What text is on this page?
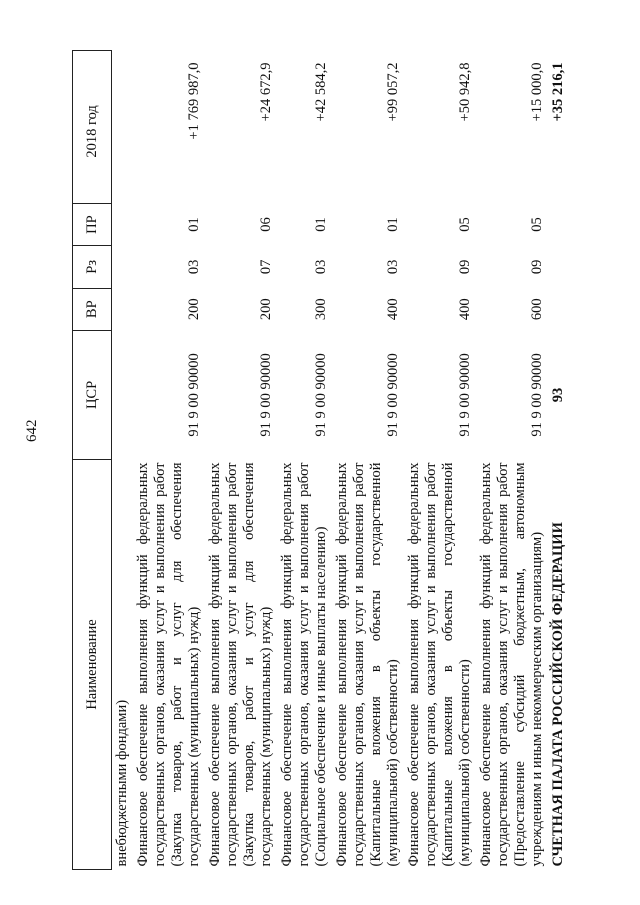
642
Наименование	ЦСР	ВР	Рз	ПР	2018 год
внебюджетными фондами)					
Финансовое обеспечение выполнения функций федеральных государственных органов, оказания услуг и выполнения работ (Закупка товаров, работ и услуг для обеспечения государственных (муниципальных) нужд)	91 9 00 90000	200	03	01	+1 769 987,0
Финансовое обеспечение выполнения функций федеральных государственных органов, оказания услуг и выполнения работ (Закупка товаров, работ и услуг для обеспечения государственных (муниципальных) нужд)	91 9 00 90000	200	07	06	+24 672,9
Финансовое обеспечение выполнения функций федеральных государственных органов, оказания услуг и выполнения работ (Социальное обеспечение и иные выплаты населению)	91 9 00 90000	300	03	01	+42 584,2
Финансовое обеспечение выполнения функций федеральных государственных органов, оказания услуг и выполнения работ (Капитальные вложения в объекты государственной (муниципальной) собственности)	91 9 00 90000	400	03	01	+99 057,2
Финансовое обеспечение выполнения функций федеральных государственных органов, оказания услуг и выполнения работ (Капитальные вложения в объекты государственной (муниципальной) собственности)	91 9 00 90000	400	09	05	+50 942,8
Финансовое обеспечение выполнения функций федеральных государственных органов, оказания услуг и выполнения работ (Предоставление субсидий бюджетным, автономным учреждениям и иным некоммерческим организациям)	91 9 00 90000	600	09	05	+15 000,0
СЧЕТНАЯ ПАЛАТА РОССИЙСКОЙ ФЕДЕРАЦИИ	93				+35 216,1
